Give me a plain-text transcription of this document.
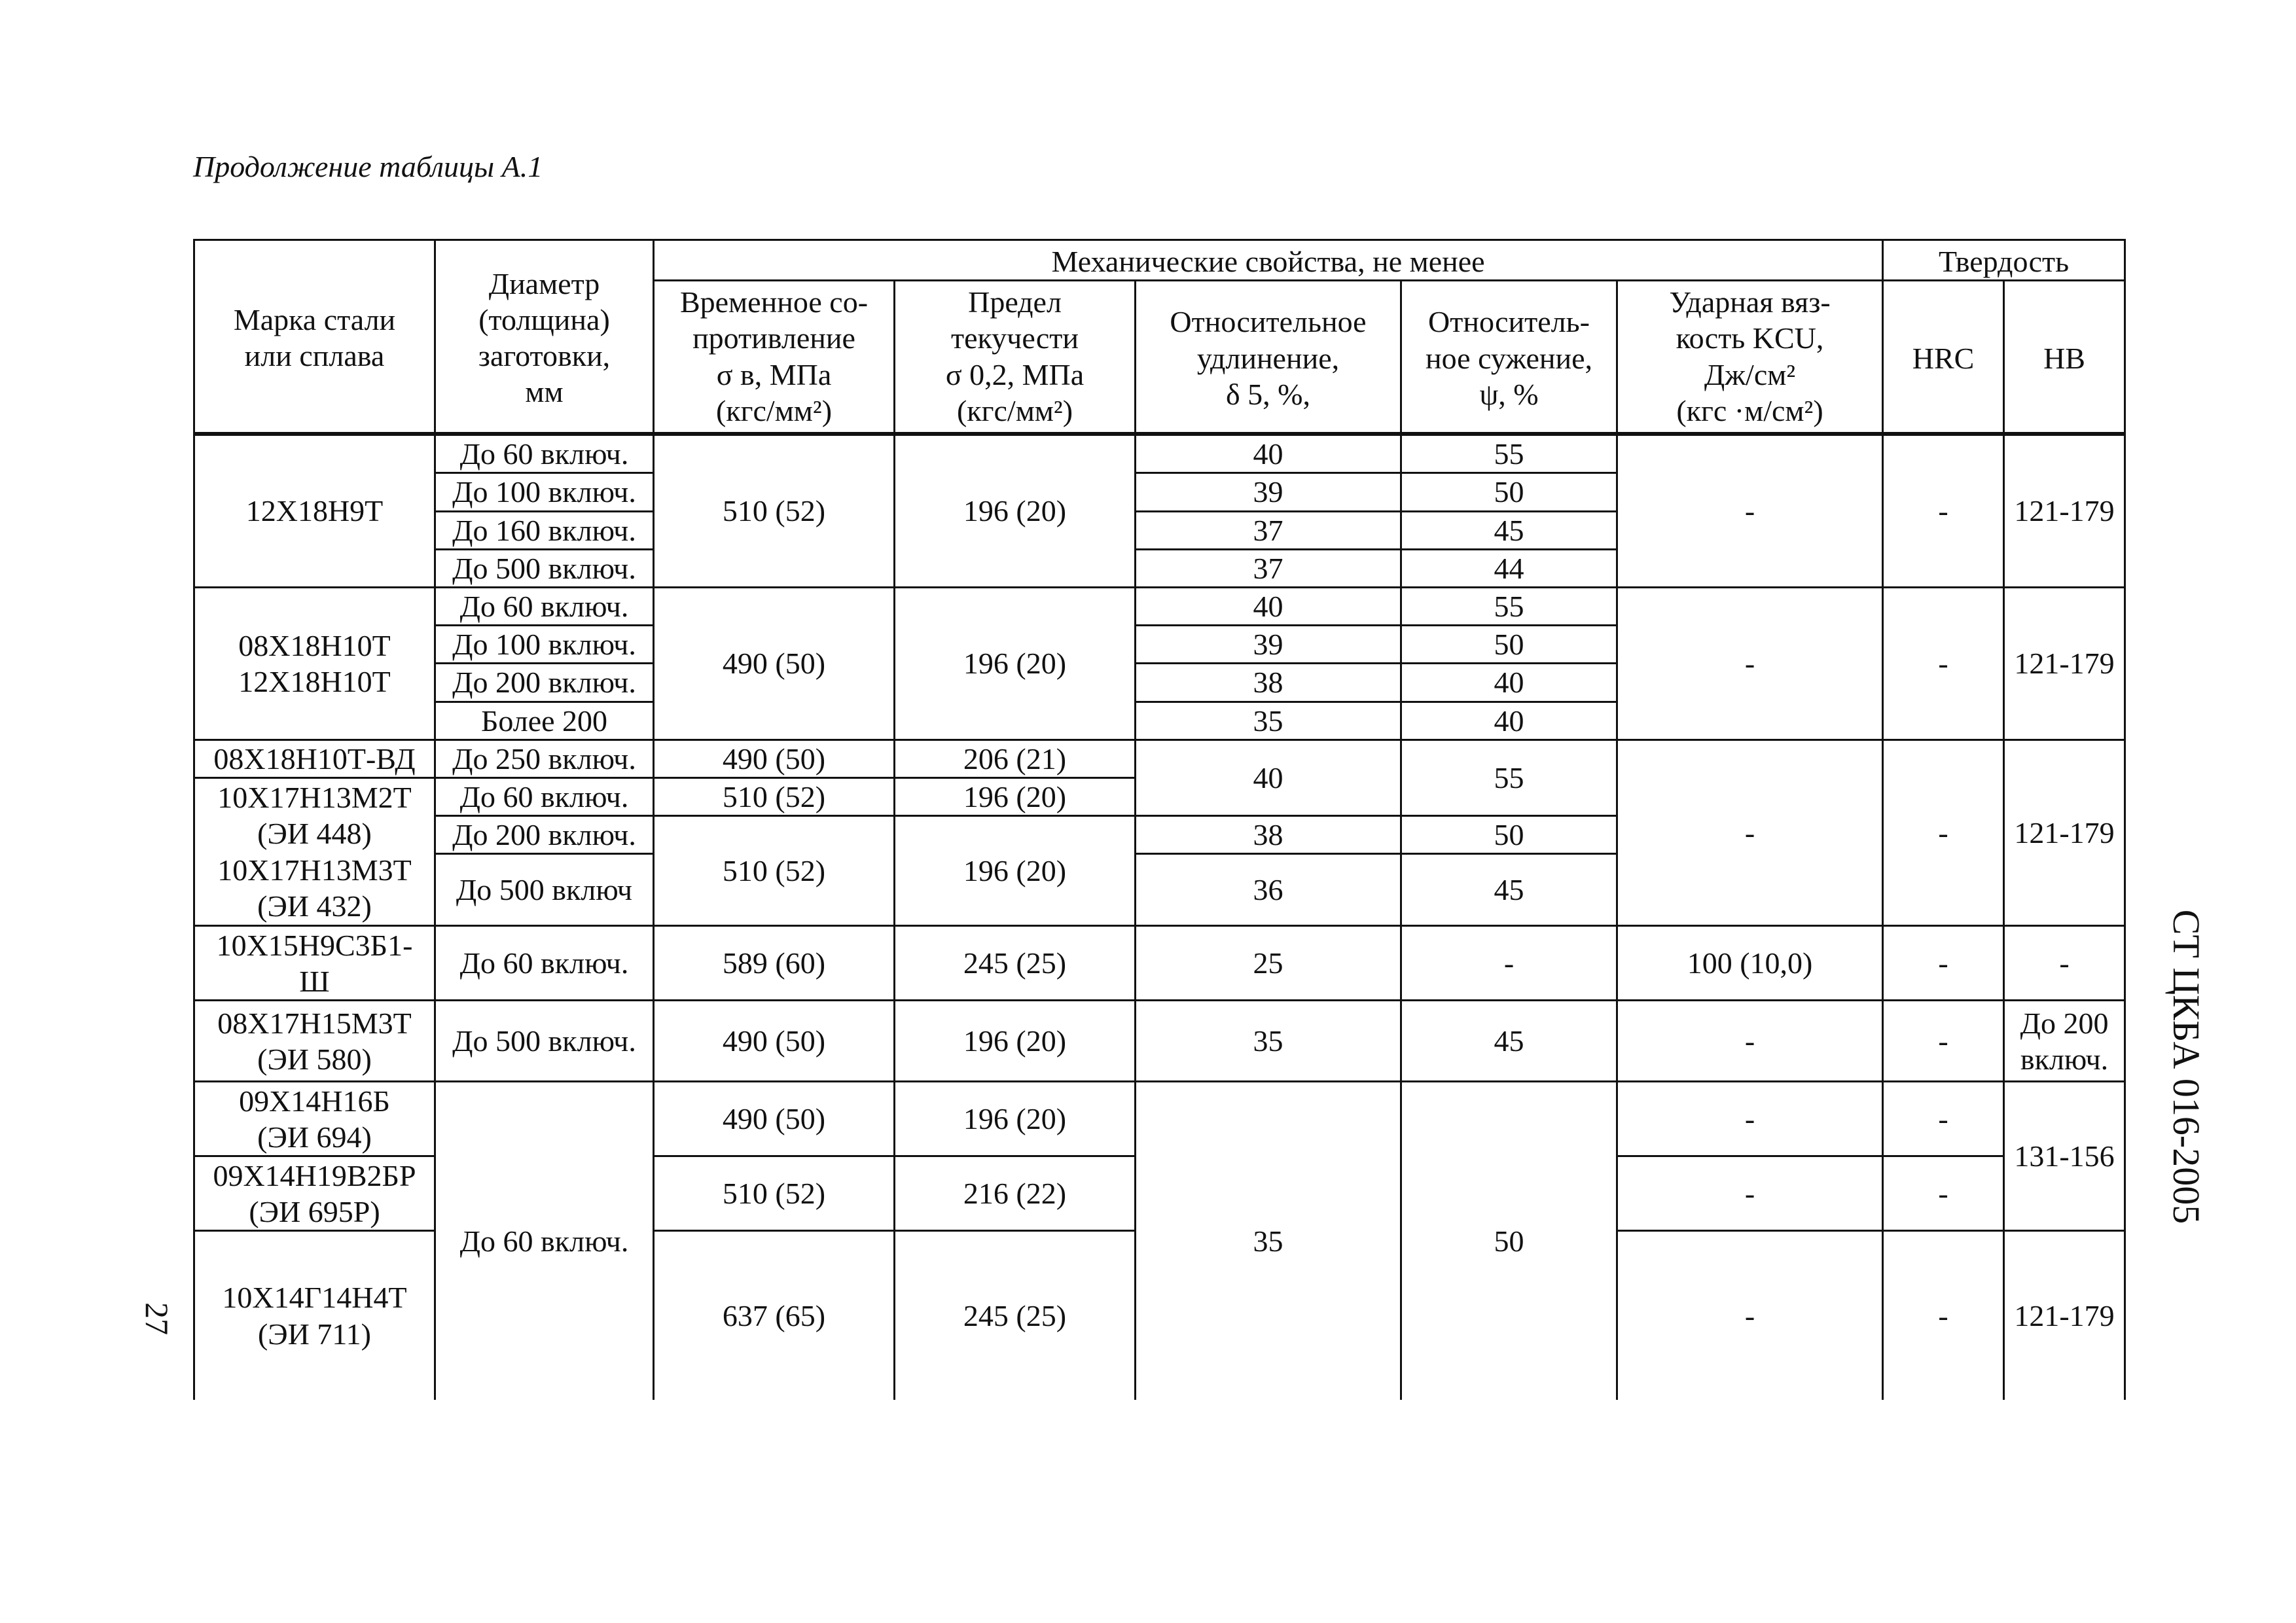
Продолжение таблицы А.1
27
СТ ЦКБА 016-2005
Марка стали
или сплава	Диаметр
(толщина)
заготовки,
мм	Механические свойства, не менее					Твердость	
		Временное со-
противление
σ в, МПа
(кгс/мм²)	Предел
текучести
σ 0,2, МПа
(кгс/мм²)	Относительное
удлинение,
δ 5, %,	Относитель-
ное сужение,
ψ, %	Ударная вяз-
кость KCU,
Дж/см²
(кгс ·м/см²)	HRC	HB
12Х18Н9Т	До 60 включ.	510 (52)	196 (20)	40	55	-	-	121-179
	До 100 включ.			39	50			
	До 160 включ.			37	45			
	До 500 включ.			37	44			
08Х18Н10Т
12Х18Н10Т	До 60 включ.	490 (50)	196 (20)	40	55	-	-	121-179
	До 100 включ.			39	50			
	До 200 включ.			38	40			
	Более 200			35	40			
08Х18Н10Т-ВД	До 250 включ.	490 (50)	206 (21)	40	55	-	-	121-179
10Х17Н13М2Т
(ЭИ 448)
10Х17Н13М3Т
(ЭИ 432)	До 60 включ.	510 (52)	196 (20)					
	До 200 включ.	510 (52)	196 (20)	38	50			
	До 500 включ			36	45			
10Х15Н9С3Б1-
Ш	До 60 включ.	589 (60)	245 (25)	25	-	100 (10,0)	-	-
08Х17Н15М3Т
(ЭИ 580)	До 500 включ.	490 (50)	196 (20)	35	45	-	-	До 200
включ.
09Х14Н16Б
(ЭИ 694)	До 60 включ.	490 (50)	196 (20)	35	50	-	-	131-156
09Х14Н19В2БР
(ЭИ 695Р)		510 (52)	216 (22)			-	-	
10Х14Г14Н4Т
(ЭИ 711)		637 (65)	245 (25)			-	-	121-179
